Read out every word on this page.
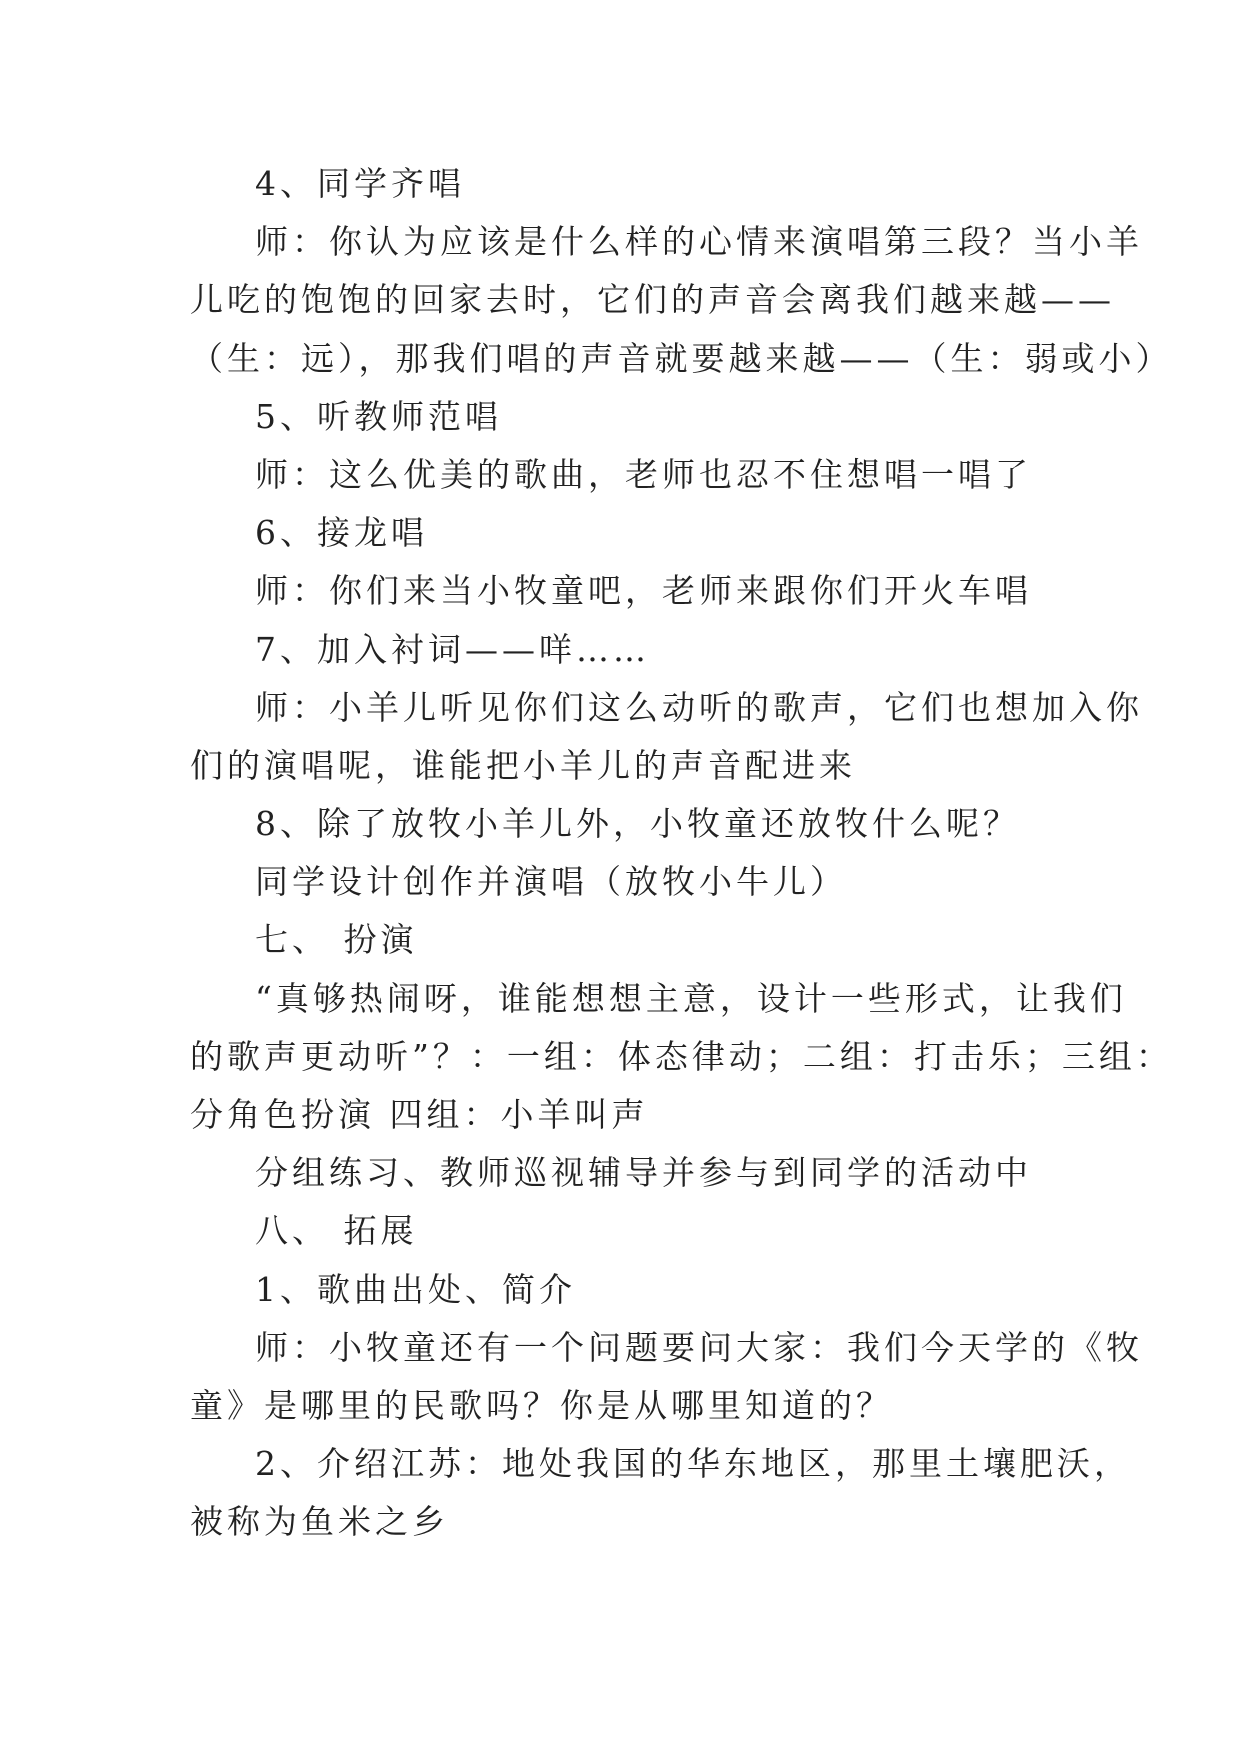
4、同学齐唱
师：你认为应该是什么样的心情来演唱第三段？当小羊
儿吃的饱饱的回家去时，它们的声音会离我们越来越——
（生：远），那我们唱的声音就要越来越——（生：弱或小）
5、听教师范唱
师：这么优美的歌曲，老师也忍不住想唱一唱了
6、接龙唱
师：你们来当小牧童吧，老师来跟你们开火车唱
7、加入衬词——咩……
师：小羊儿听见你们这么动听的歌声，它们也想加入你
们的演唱呢，谁能把小羊儿的声音配进来
8、除了放牧小羊儿外，小牧童还放牧什么呢？
同学设计创作并演唱（放牧小牛儿）
七、 扮演
“真够热闹呀，谁能想想主意，设计一些形式，让我们
的歌声更动听”？：一组：体态律动；二组：打击乐；三组：
分角色扮演 四组：小羊叫声
分组练习、教师巡视辅导并参与到同学的活动中
八、 拓展
1、歌曲出处、简介
师：小牧童还有一个问题要问大家：我们今天学的《牧
童》是哪里的民歌吗？你是从哪里知道的？
2、介绍江苏：地处我国的华东地区，那里土壤肥沃，
被称为鱼米之乡
